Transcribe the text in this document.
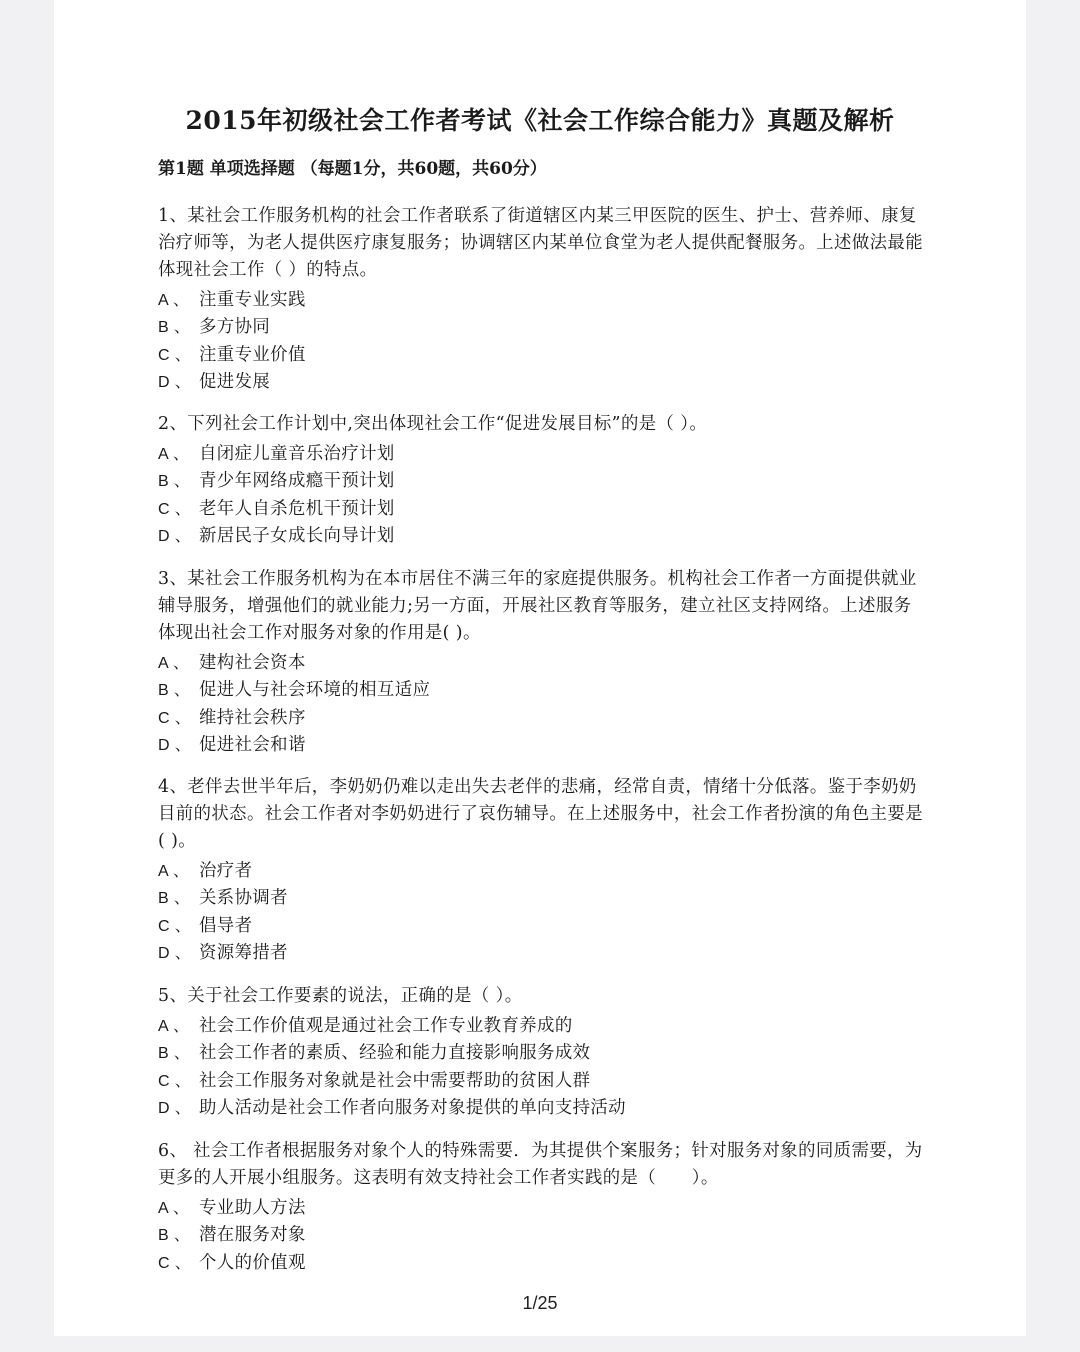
2015年初级社会工作者考试《社会工作综合能力》真题及解析
第1题 单项选择题 （每题1分，共60题，共60分）

1、某社会工作服务机构的社会工作者联系了街道辖区内某三甲医院的医生、护士、营养师、康复治疗师等，为老人提供医疗康复服务；协调辖区内某单位食堂为老人提供配餐服务。上述做法最能体现社会工作（ ）的特点。

A 、 注重专业实践
B 、 多方协同
C 、 注重专业价值
D 、 促进发展

2、下列社会工作计划中,突出体现社会工作“促进发展目标”的是（ ）。

A 、 自闭症儿童音乐治疗计划
B 、 青少年网络成瘾干预计划
C 、 老年人自杀危机干预计划
D 、 新居民子女成长向导计划

3、某社会工作服务机构为在本市居住不满三年的家庭提供服务。机构社会工作者一方面提供就业辅导服务，增强他们的就业能力;另一方面，开展社区教育等服务，建立社区支持网络。上述服务体现出社会工作对服务对象的作用是( )。

A 、 建构社会资本
B 、 促进人与社会环境的相互适应
C 、 维持社会秩序
D 、 促进社会和谐

4、老伴去世半年后，李奶奶仍难以走出失去老伴的悲痛，经常自责，情绪十分低落。鉴于李奶奶目前的状态。社会工作者对李奶奶进行了哀伤辅导。在上述服务中，社会工作者扮演的角色主要是( )。

A 、 治疗者
B 、 关系协调者
C 、 倡导者
D 、 资源筹措者

5、关于社会工作要素的说法，正确的是（ ）。

A 、 社会工作价值观是通过社会工作专业教育养成的
B 、 社会工作者的素质、经验和能力直接影响服务成效
C 、 社会工作服务对象就是社会中需要帮助的贫困人群
D 、 助人活动是社会工作者向服务对象提供的单向支持活动

6、 社会工作者根据服务对象个人的特殊需要．为其提供个案服务；针对服务对象的同质需要，为更多的人开展小组服务。这表明有效支持社会工作者实践的是（　　）。

A 、 专业助人方法
B 、 潜在服务对象
C 、 个人的价值观
1/25
